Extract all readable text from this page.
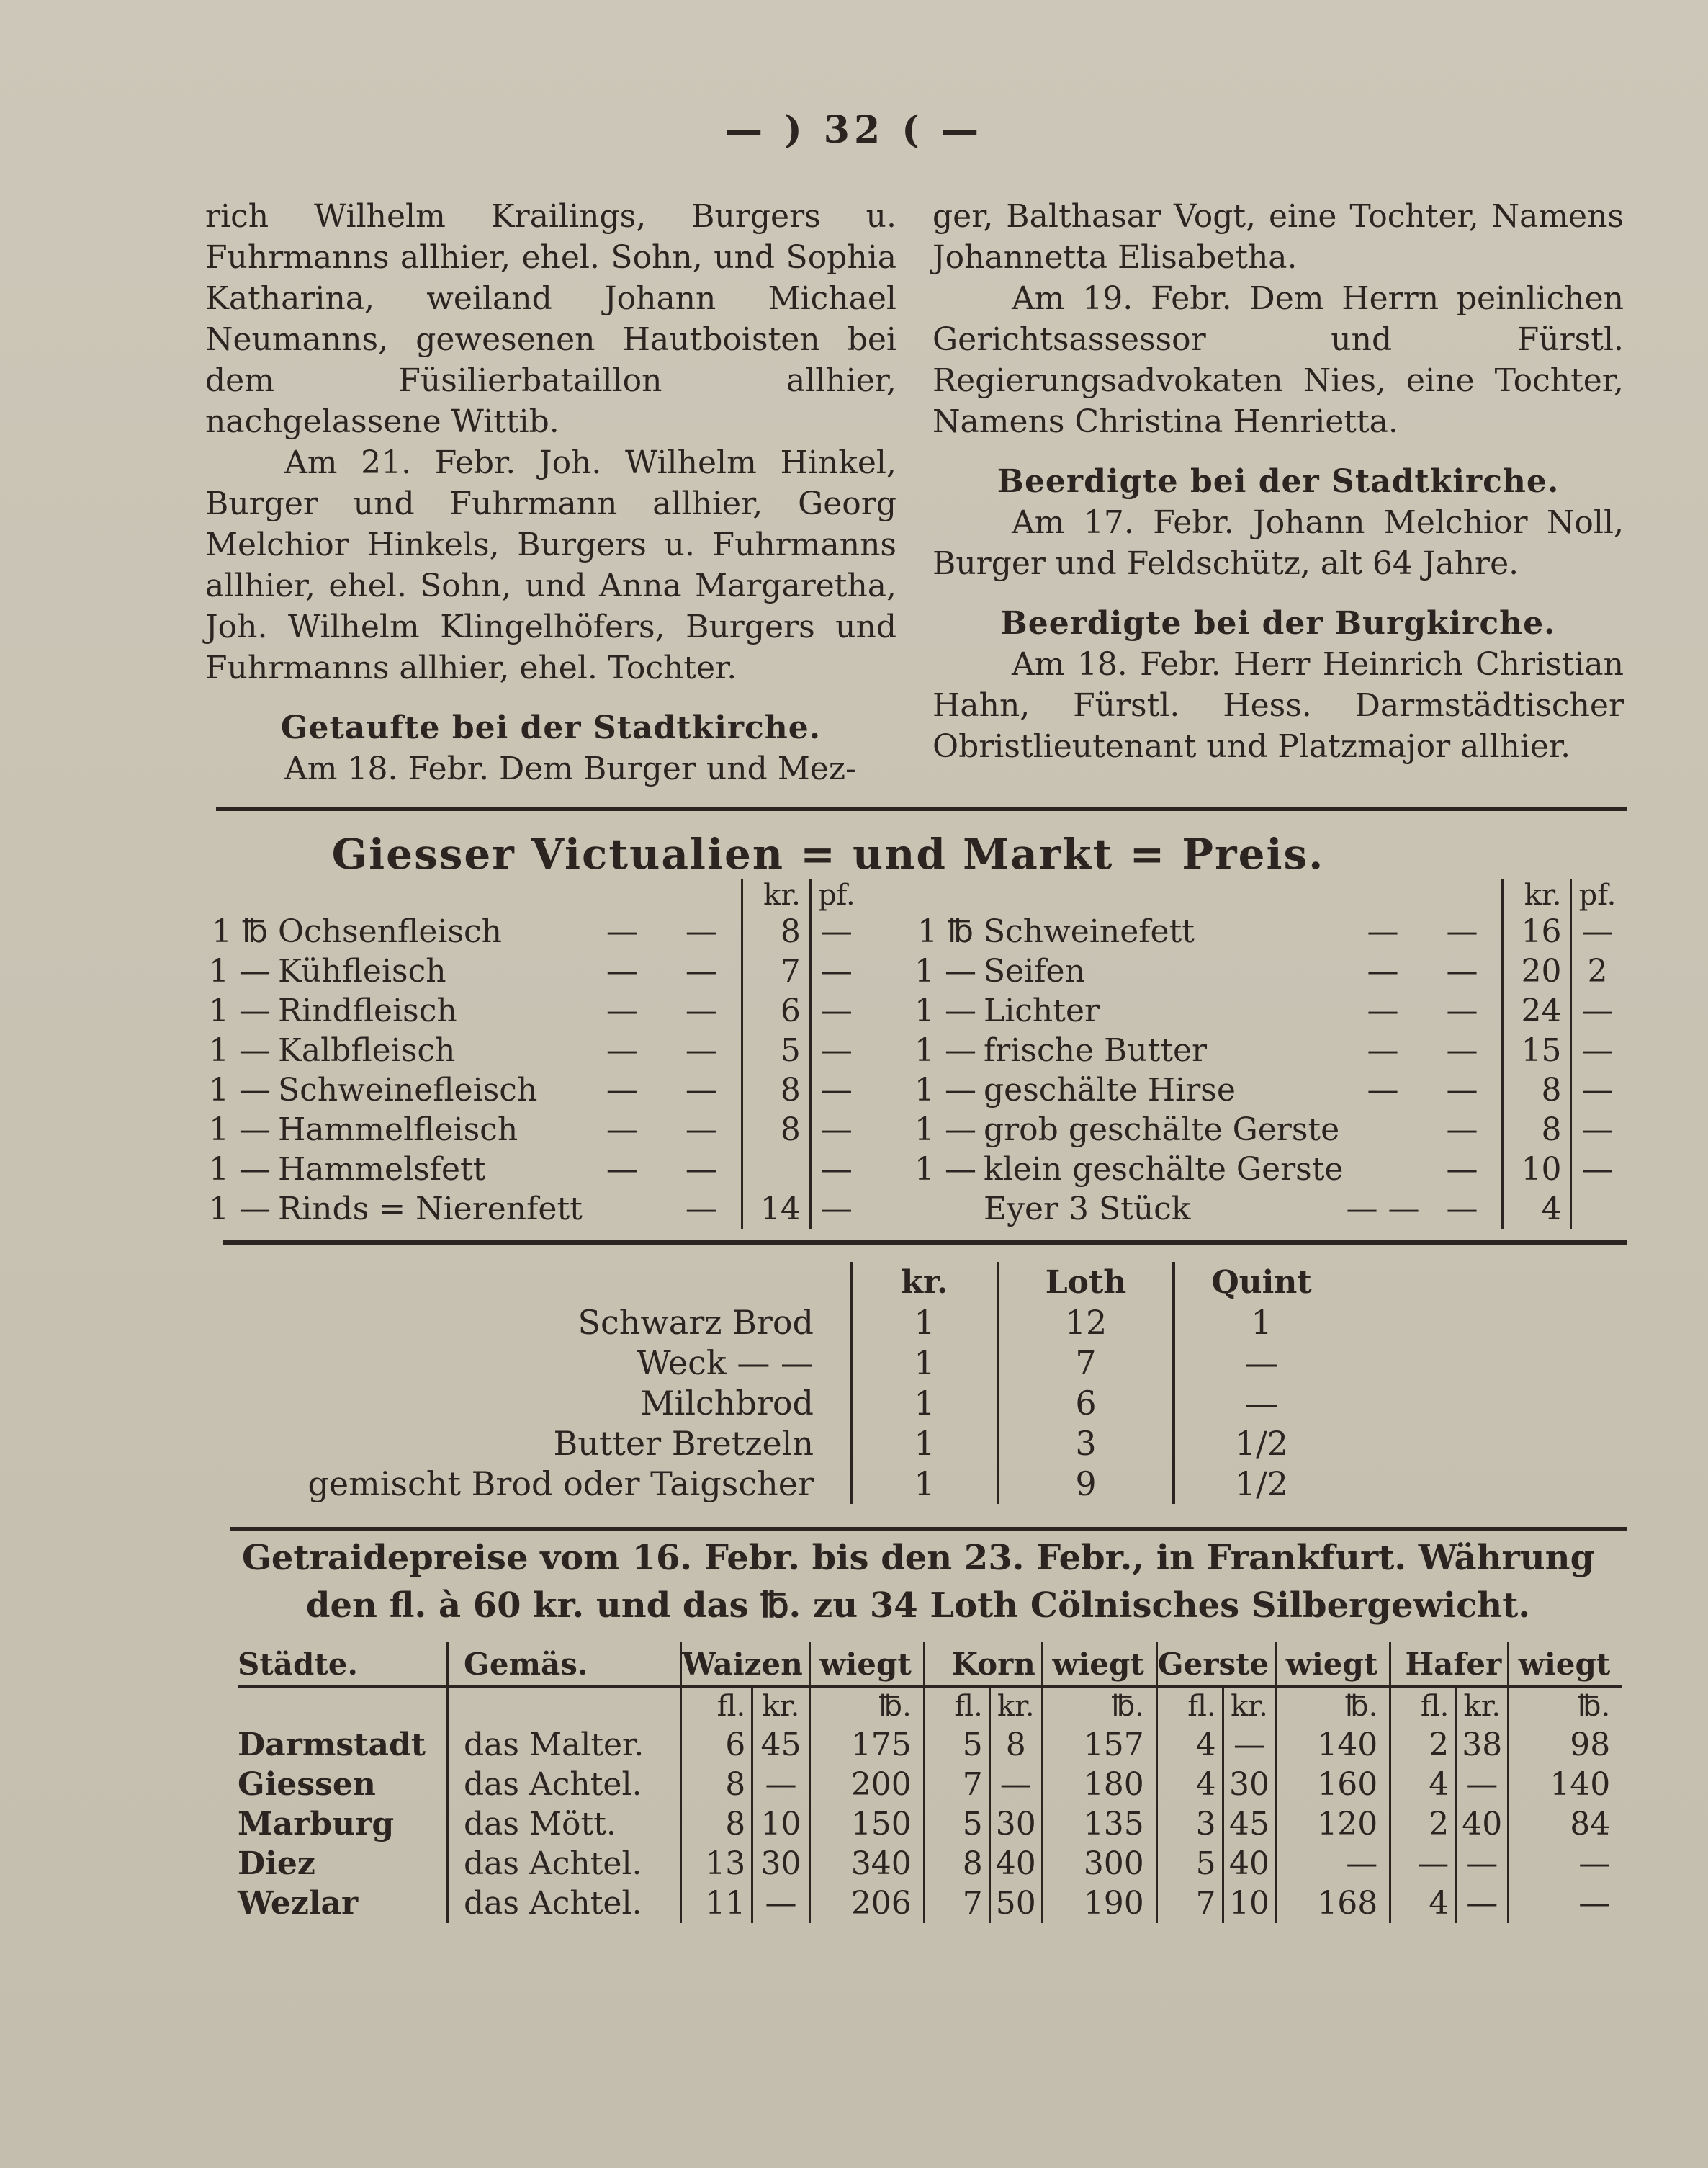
— ) 32 ( —

rich Wilhelm Krailings, Burgers u. Fuhrmanns allhier, ehel. Sohn, und Sophia Katharina, weiland Johann Michael Neumanns, gewesenen Hautboisten bei dem Füsilierbataillon allhier, nachgelassene Wittib.

Am 21. Febr. Joh. Wilhelm Hinkel, Burger und Fuhrmann allhier, Georg Melchior Hinkels, Burgers u. Fuhrmanns allhier, ehel. Sohn, und Anna Margaretha, Joh. Wilhelm Klingelhöfers, Burgers und Fuhrmanns allhier, ehel. Tochter.

Getaufte bei der Stadtkirche.

Am 18. Febr. Dem Burger und Mez-

ger, Balthasar Vogt, eine Tochter, Namens Johannetta Elisabetha.

Am 19. Febr. Dem Herrn peinlichen Gerichtsassessor und Fürstl. Regierungsadvokaten Nies, eine Tochter, Namens Christina Henrietta.

Beerdigte bei der Stadtkirche.

Am 17. Febr. Johann Melchior Noll, Burger und Feldschütz, alt 64 Jahre.

Beerdigte bei der Burgkirche.

Am 18. Febr. Herr Heinrich Christian Hahn, Fürstl. Hess. Darmstädtischer Obristlieutenant und Platzmajor allhier.

Giesser Victualien = und Markt = Preis.
				kr.	pf.
1 ℔	Ochsenfleisch	—	—	8	—
1 —	Kühfleisch	—	—	7	—
1 —	Rindfleisch	—	—	6	—
1 —	Kalbfleisch	—	—	5	—
1 —	Schweinefleisch	—	—	8	—
1 —	Hammelfleisch	—	—	8	—
1 —	Hammelsfett	—	—		—
1 —	Rinds = Nierenfett		—	14	—
				kr.	pf.
1 ℔	Schweinefett	—	—	16	—
1 —	Seifen	—	—	20	2
1 —	Lichter	—	—	24	—
1 —	frische Butter	—	—	15	—
1 —	geschälte Hirse	—	—	8	—
1 —	grob geschälte Gerste		—	8	—
1 —	klein geschälte Gerste		—	10	—
	Eyer 3 Stück	— —	—	4	
	kr.	Loth	Quint
Schwarz Brod	1	12	1
Weck — —	1	7	—
Milchbrod	1	6	—
Butter Bretzeln	1	3	1/2
gemischt Brod oder Taigscher	1	9	1/2
Getraidepreise vom 16. Febr. bis den 23. Febr., in Frankfurt. Währung
den fl. à 60 kr. und das ℔. zu 34 Loth Cölnisches Silbergewicht.
Städte.	Gemäs.	Waizen		wiegt	Korn		wiegt	Gerste		wiegt	Hafer		wiegt
		fl.	kr.	℔.	fl.	kr.	℔.	fl.	kr.	℔.	fl.	kr.	℔.
Darmstadt	das Malter.	6	45	175	5	8	157	4	—	140	2	38	98
Giessen	das Achtel.	8	—	200	7	—	180	4	30	160	4	—	140
Marburg	das Mött.	8	10	150	5	30	135	3	45	120	2	40	84
Diez	das Achtel.	13	30	340	8	40	300	5	40	—	—	—	—
Wezlar	das Achtel.	11	—	206	7	50	190	7	10	168	4	—	—
